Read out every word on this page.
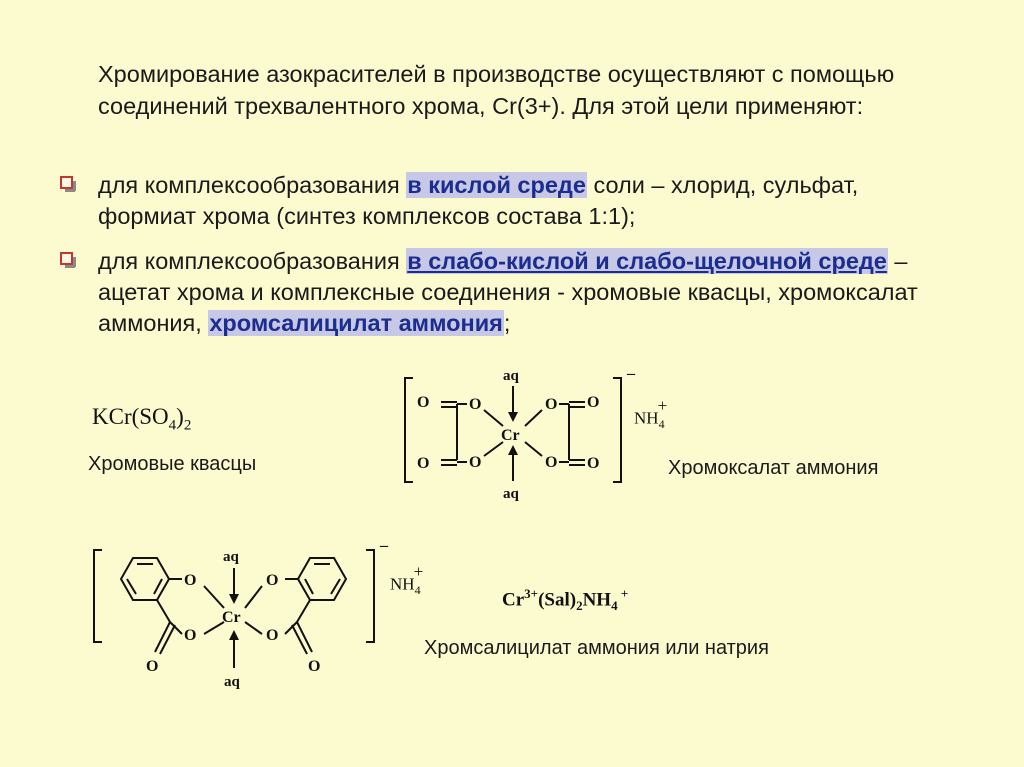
Хромирование азокрасителей в производстве осуществляют с помощью соединений трехвалентного хрома, Cr(3+). Для этой цели применяют:
для комплексообразования в кислой среде соли – хлорид, сульфат, формиат хрома (синтез комплексов состава 1:1);
для комплексообразования в слабо-кислой и слабо-щелочной среде – ацетат хрома и комплексные соединения - хромовые квасцы, хромоксалат аммония, хромсалицилат аммония;
$KCr(SO_4)_2$
Хромовые квасцы
O
O
O
O
O
O
O
O
Cr
aq
aq
–
$NH_4^+$
Хромоксалат аммония
O
O
O
O
O	O
Cr
aq
aq
–
$NH_4^+$
$Cr^{3+}(Sal)_2NH_4$ +
Хромсалицилат аммония или натрия
